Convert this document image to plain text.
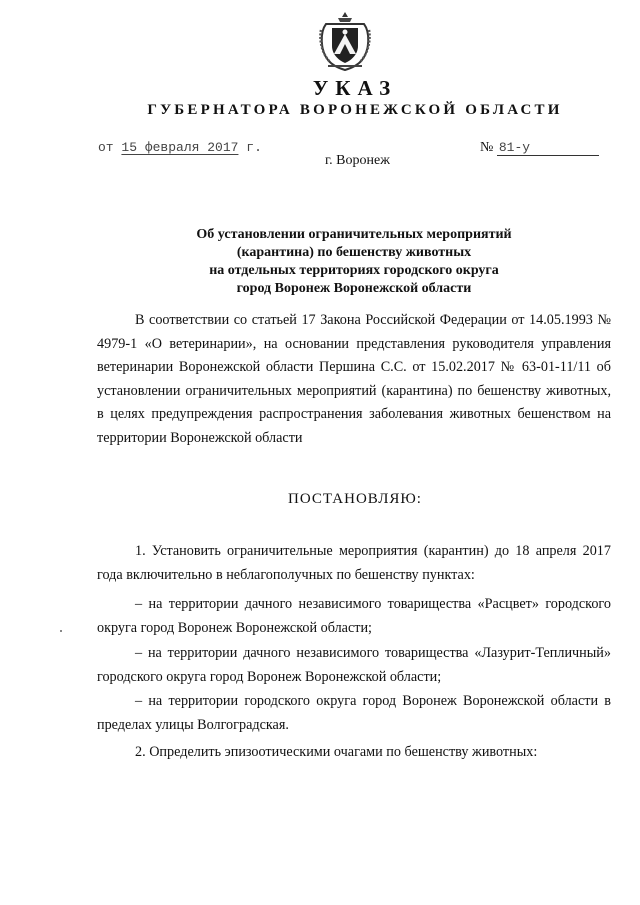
УКАЗ
ГУБЕРНАТОРА ВОРОНЕЖСКОЙ ОБЛАСТИ
от 15 февраля 2017 г.	№ 81-у
г. Воронеж
Об установлении ограничительных мероприятий
(карантина) по бешенству животных
на отдельных территориях городского округа
город Воронеж Воронежской области
В соответствии со статьей 17 Закона Российской Федерации от 14.05.1993 № 4979-1 «О ветеринарии», на основании представления руководителя управления ветеринарии Воронежской области Першина С.С. от 15.02.2017 № 63-01-11/11 об установлении ограничительных мероприятий (карантина) по бешенству животных, в целях предупреждения распространения заболевания животных бешенством на территории Воронежской области
ПОСТАНОВЛЯЮ:
1. Установить ограничительные мероприятия (карантин) до 18 апреля 2017 года включительно в неблагополучных по бешенству пунктах:
– на территории дачного независимого товарищества «Расцвет» городского округа город Воронеж Воронежской области;
– на территории дачного независимого товарищества «Лазурит-Тепличный» городского округа город Воронеж Воронежской области;
– на территории городского округа город Воронеж Воронежской области в пределах улицы Волгоградская.
2. Определить эпизоотическими очагами по бешенству животных:
